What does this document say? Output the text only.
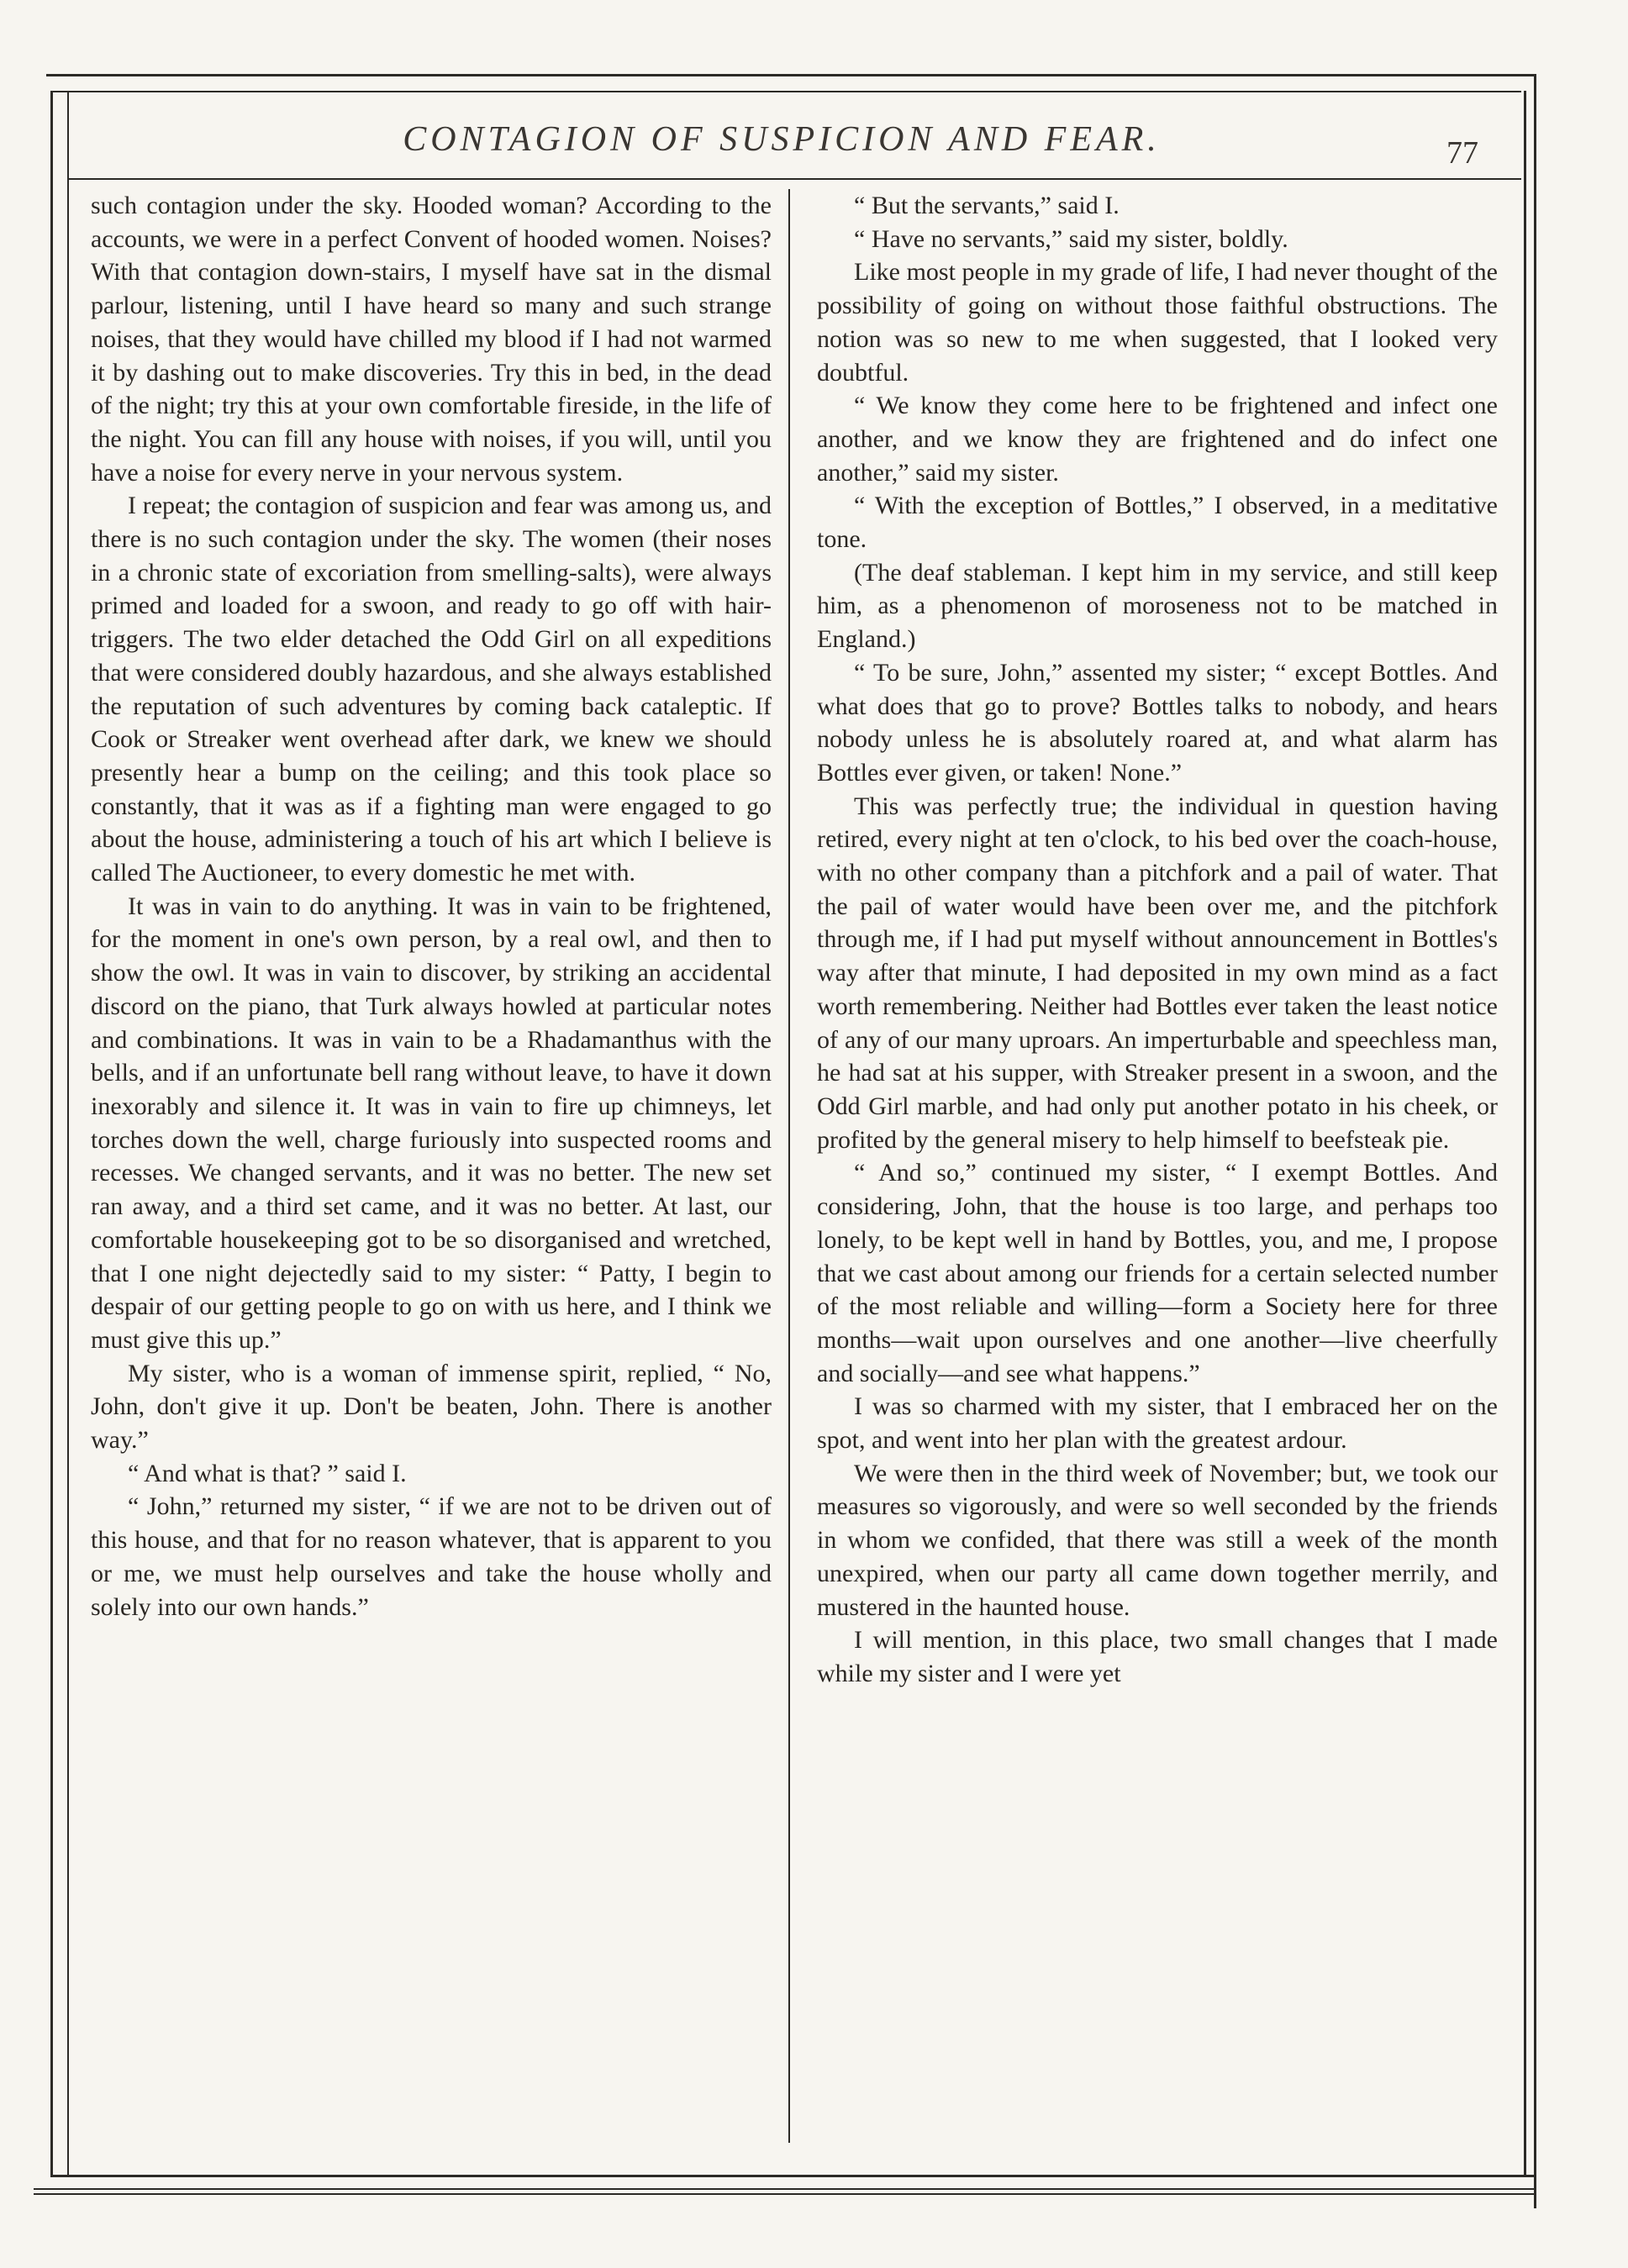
CONTAGION OF SUSPICION AND FEAR.	77

such contagion under the sky. Hooded woman? According to the accounts, we were in a perfect Convent of hooded women. Noises? With that contagion down-stairs, I myself have sat in the dismal parlour, listening, until I have heard so many and such strange noises, that they would have chilled my blood if I had not warmed it by dashing out to make discoveries. Try this in bed, in the dead of the night; try this at your own comfortable fireside, in the life of the night. You can fill any house with noises, if you will, until you have a noise for every nerve in your nervous system.

I repeat; the contagion of suspicion and fear was among us, and there is no such contagion under the sky. The women (their noses in a chronic state of excoriation from smelling-salts), were always primed and loaded for a swoon, and ready to go off with hair-triggers. The two elder detached the Odd Girl on all expeditions that were considered doubly hazardous, and she always established the reputation of such adventures by coming back cataleptic. If Cook or Streaker went overhead after dark, we knew we should presently hear a bump on the ceiling; and this took place so constantly, that it was as if a fighting man were engaged to go about the house, administering a touch of his art which I believe is called The Auctioneer, to every domestic he met with.

It was in vain to do anything. It was in vain to be frightened, for the moment in one's own person, by a real owl, and then to show the owl. It was in vain to discover, by striking an accidental discord on the piano, that Turk always howled at particular notes and combinations. It was in vain to be a Rhadamanthus with the bells, and if an unfortunate bell rang without leave, to have it down inexorably and silence it. It was in vain to fire up chimneys, let torches down the well, charge furiously into suspected rooms and recesses. We changed servants, and it was no better. The new set ran away, and a third set came, and it was no better. At last, our comfortable housekeeping got to be so disorganised and wretched, that I one night dejectedly said to my sister: “ Patty, I begin to despair of our getting people to go on with us here, and I think we must give this up.”

My sister, who is a woman of immense spirit, replied, “ No, John, don't give it up. Don't be beaten, John. There is another way.”

“ And what is that? ” said I.

“ John,” returned my sister, “ if we are not to be driven out of this house, and that for no reason whatever, that is apparent to you or me, we must help ourselves and take the house wholly and solely into our own hands.”

“ But the servants,” said I.

“ Have no servants,” said my sister, boldly.

Like most people in my grade of life, I had never thought of the possibility of going on without those faithful obstructions. The notion was so new to me when suggested, that I looked very doubtful.

“ We know they come here to be frightened and infect one another, and we know they are frightened and do infect one another,” said my sister.

“ With the exception of Bottles,” I observed, in a meditative tone.

(The deaf stableman. I kept him in my service, and still keep him, as a phenomenon of moroseness not to be matched in England.)

“ To be sure, John,” assented my sister; “ except Bottles. And what does that go to prove? Bottles talks to nobody, and hears nobody unless he is absolutely roared at, and what alarm has Bottles ever given, or taken! None.”

This was perfectly true; the individual in question having retired, every night at ten o'clock, to his bed over the coach-house, with no other company than a pitchfork and a pail of water. That the pail of water would have been over me, and the pitchfork through me, if I had put myself without announcement in Bottles's way after that minute, I had deposited in my own mind as a fact worth remembering. Neither had Bottles ever taken the least notice of any of our many uproars. An imperturbable and speechless man, he had sat at his supper, with Streaker present in a swoon, and the Odd Girl marble, and had only put another potato in his cheek, or profited by the general misery to help himself to beefsteak pie.

“ And so,” continued my sister, “ I exempt Bottles. And considering, John, that the house is too large, and perhaps too lonely, to be kept well in hand by Bottles, you, and me, I propose that we cast about among our friends for a certain selected number of the most reliable and willing—form a Society here for three months—wait upon ourselves and one another—live cheerfully and socially—and see what happens.”

I was so charmed with my sister, that I embraced her on the spot, and went into her plan with the greatest ardour.

We were then in the third week of November; but, we took our measures so vigorously, and were so well seconded by the friends in whom we confided, that there was still a week of the month unexpired, when our party all came down together merrily, and mustered in the haunted house.

I will mention, in this place, two small changes that I made while my sister and I were yet
